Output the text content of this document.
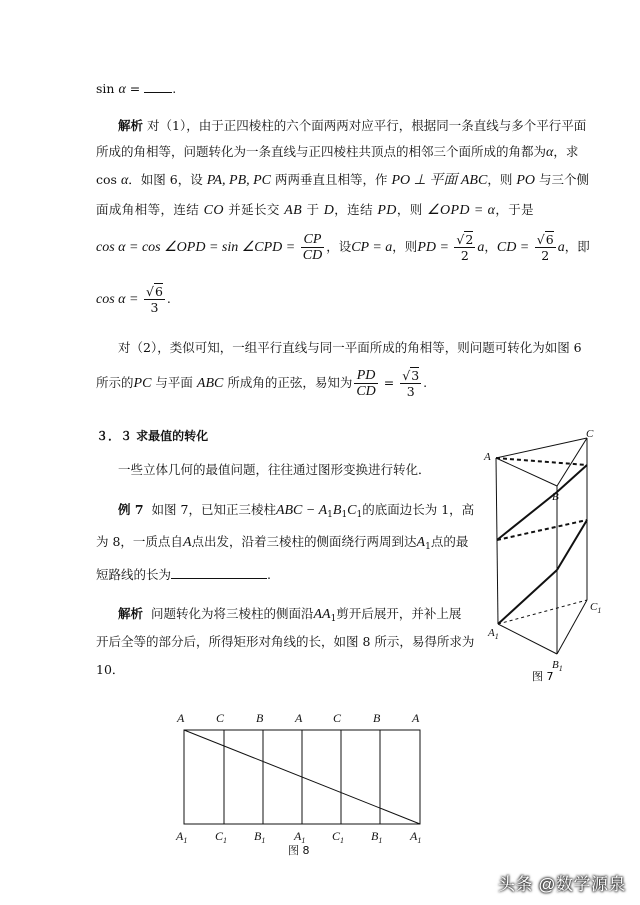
sin α = .
解析 对（1），由于正四棱柱的六个面两两对应平行，根据同一条直线与多个平行平面
所成的角相等，问题转化为一条直线与正四棱柱共顶点的相邻三个面所成的角都为α，求
cos α．如图 6，设 PA, PB, PC 两两垂直且相等，作 PO ⊥ 平面 ABC，则 PO 与三个侧
面成角相等，连结 CO 并延长交 AB 于 D，连结 PD，则 ∠OPD = α，于是
cos α = cos ∠OPD = sin ∠CPD = $\frac{CP}{CD}$ ，设CP = a，则PD = $\frac{√2}{2}$ a，CD = $\frac{√6}{2}$ a，即
$\cos \alpha = \frac{√6}{3}$ .
对（2），类似可知，一组平行直线与同一平面所成的角相等，则问题可转化为如图 6
所示的PC 与平面 ABC 所成角的正弦，易知为 $\frac{PD}{CD} = \frac{√3}{3}$ .
３．３ 求最值的转化
一些立体几何的最值问题，往往通过图形变换进行转化．
例 7 如图 7，已知正三棱柱ABC − $A_1B_1C_1$的底面边长为 1，高
为 8，一质点自A点出发，沿着三棱柱的侧面绕行两周到达$A_1$点的最
短路线的长为	.
解析 问题转化为将三棱柱的侧面沿$AA_1$剪开后展开，并补上展
开后全等的部分后，所得矩形对角线的长，如图 8 所示，易得所求为
10．
A
C
B
$C_1$
$A_1$
$B_1$
图 7
A	C	B	A	C	B	A
$A_1$ $C_1$ $B_1$ $A_1$ $C_1$ $B_1$ $A_1$
图 8
头条 @数学源泉
